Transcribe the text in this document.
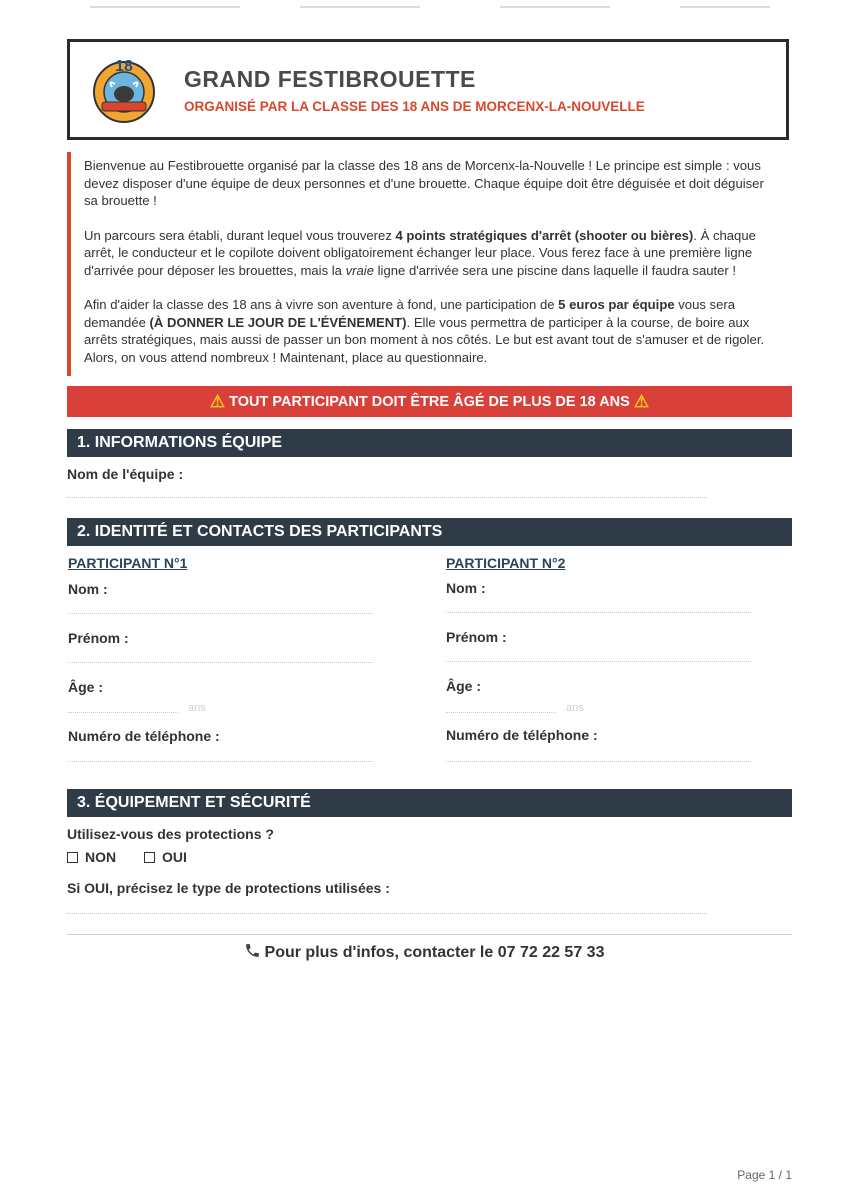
18 GRAND FESTIBROUETTE
ORGANISÉ PAR LA CLASSE DES 18 ANS DE MORCENX-LA-NOUVELLE

Bienvenue au Festibrouette organisé par la classe des 18 ans de Morcenx-la-Nouvelle ! Le principe est simple : vous devez disposer d'une équipe de deux personnes et d'une brouette. Chaque équipe doit être déguisée et doit déguiser sa brouette !

Un parcours sera établi, durant lequel vous trouverez 4 points stratégiques d'arrêt (shooter ou bières). À chaque arrêt, le conducteur et le copilote doivent obligatoirement échanger leur place. Vous ferez face à une première ligne d'arrivée pour déposer les brouettes, mais la vraie ligne d'arrivée sera une piscine dans laquelle il faudra sauter !

Afin d'aider la classe des 18 ans à vivre son aventure à fond, une participation de 5 euros par équipe vous sera demandée (À DONNER LE JOUR DE L'ÉVÉNEMENT). Elle vous permettra de participer à la course, de boire aux arrêts stratégiques, mais aussi de passer un bon moment à nos côtés. Le but est avant tout de s'amuser et de rigoler. Alors, on vous attend nombreux ! Maintenant, place au questionnaire.

⚠ TOUT PARTICIPANT DOIT ÊTRE ÂGÉ DE PLUS DE 18 ANS ⚠
1. INFORMATIONS ÉQUIPE
Nom de l'équipe :
2. IDENTITÉ ET CONTACTS DES PARTICIPANTS
PARTICIPANT N°1
Nom :
Prénom :
Âge :
ans
Numéro de téléphone :
PARTICIPANT N°2
Nom :
Prénom :
Âge :
ans
Numéro de téléphone :
3. ÉQUIPEMENT ET SÉCURITÉ
Utilisez-vous des protections ?
NON	OUI
Si OUI, précisez le type de protections utilisées :
Pour plus d'infos, contacter le 07 72 22 57 33
Page 1 / 1
